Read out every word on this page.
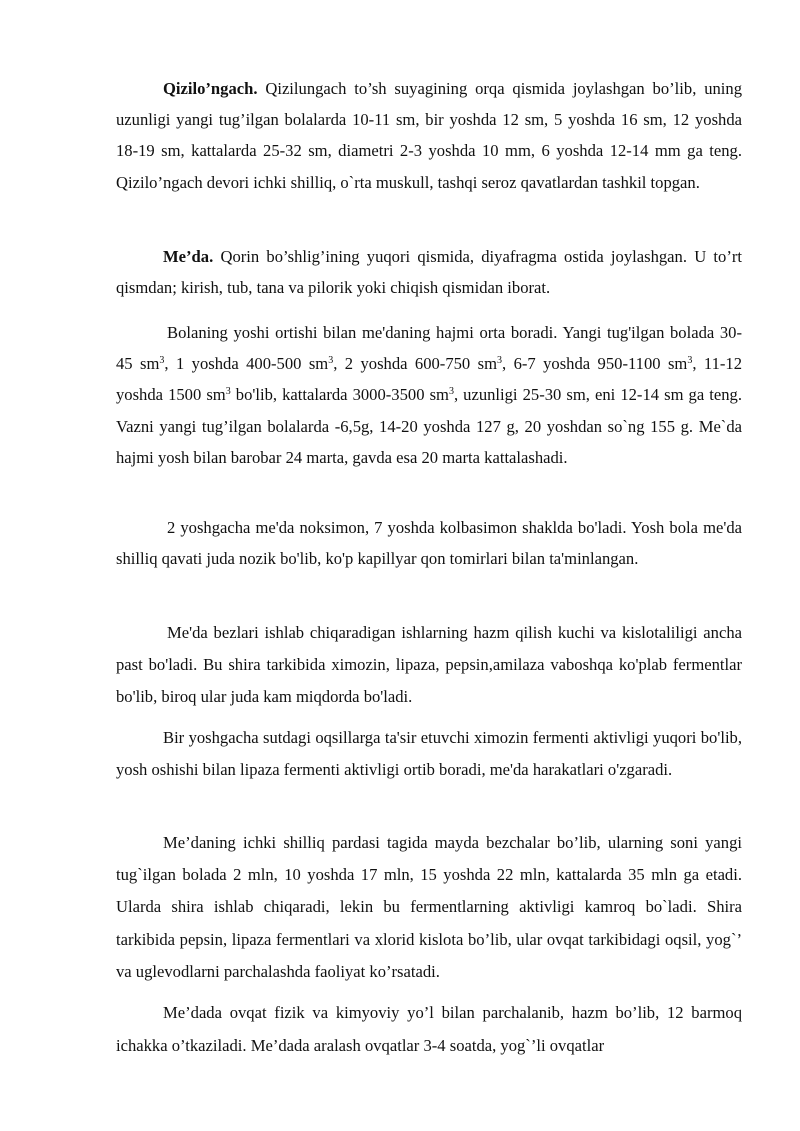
Qizilo’ngach. Qizilungach to’sh suyagining orqa qismida joylashgan bo’lib, uning uzunligi yangi tug’ilgan bolalarda 10-11 sm, bir yoshda 12 sm, 5 yoshda 16 sm, 12 yoshda 18-19 sm, kattalarda 25-32 sm, diametri 2-3 yoshda 10 mm, 6 yoshda 12-14 mm ga teng. Qizilo’ngach devori ichki shilliq, o`rta muskull, tashqi seroz qavatlardan tashkil topgan.

Me’da. Qorin bo’shlig’ining yuqori qismida, diyafragma ostida joylashgan. U to’rt qismdan; kirish, tub, tana va pilorik yoki chiqish qismidan iborat.

Bolaning yoshi ortishi bilan me'daning hajmi orta boradi. Yangi tug'ilgan bolada 30-45 $sm^3$, 1 yoshda 400-500 $sm^3$, 2 yoshda 600-750 $sm^3$, 6-7 yoshda 950-1100 $sm^3$, 11-12 yoshda 1500 $sm^3$ bo'lib, kattalarda 3000-3500 $sm^3$, uzunligi 25-30 sm, eni 12-14 sm ga teng. Vazni yangi tug’ilgan bolalarda -6,5g, 14-20 yoshda 127 g, 20 yoshdan so`ng 155 g. Me`da hajmi yosh bilan barobar 24 marta, gavda esa 20 marta kattalashadi.

2 yoshgacha me'da noksimon, 7 yoshda kolbasimon shaklda bo'ladi. Yosh bola me'da shilliq qavati juda nozik bo'lib, ko'p kapillyar qon tomirlari bilan ta'minlangan.

Me'da bezlari ishlab chiqaradigan ishlarning hazm qilish kuchi va kislotaliligi ancha past bo'ladi. Bu shira tarkibida ximozin, lipaza, pepsin,amilaza vaboshqa ko'plab fermentlar bo'lib, biroq ular juda kam miqdorda bo'ladi.

Bir yoshgacha sutdagi oqsillarga ta'sir etuvchi ximozin fermenti aktivligi yuqori bo'lib, yosh oshishi bilan lipaza fermenti aktivligi ortib boradi, me'da harakatlari o'zgaradi.

Me’daning ichki shilliq pardasi tagida mayda bezchalar bo’lib, ularning soni yangi tug`ilgan bolada 2 mln, 10 yoshda 17 mln, 15 yoshda 22 mln, kattalarda 35 mln ga etadi. Ularda shira ishlab chiqaradi, lekin bu fermentlarning aktivligi kamroq bo`ladi. Shira tarkibida pepsin, lipaza fermentlari va xlorid kislota bo’lib, ular ovqat tarkibidagi oqsil, yog`’ va uglevodlarni parchalashda faoliyat ko’rsatadi.

Me’dada ovqat fizik va kimyoviy yo’l bilan parchalanib, hazm bo’lib, 12 barmoq ichakka o’tkaziladi. Me’dada aralash ovqatlar 3-4 soatda, yog`’li ovqatlar
